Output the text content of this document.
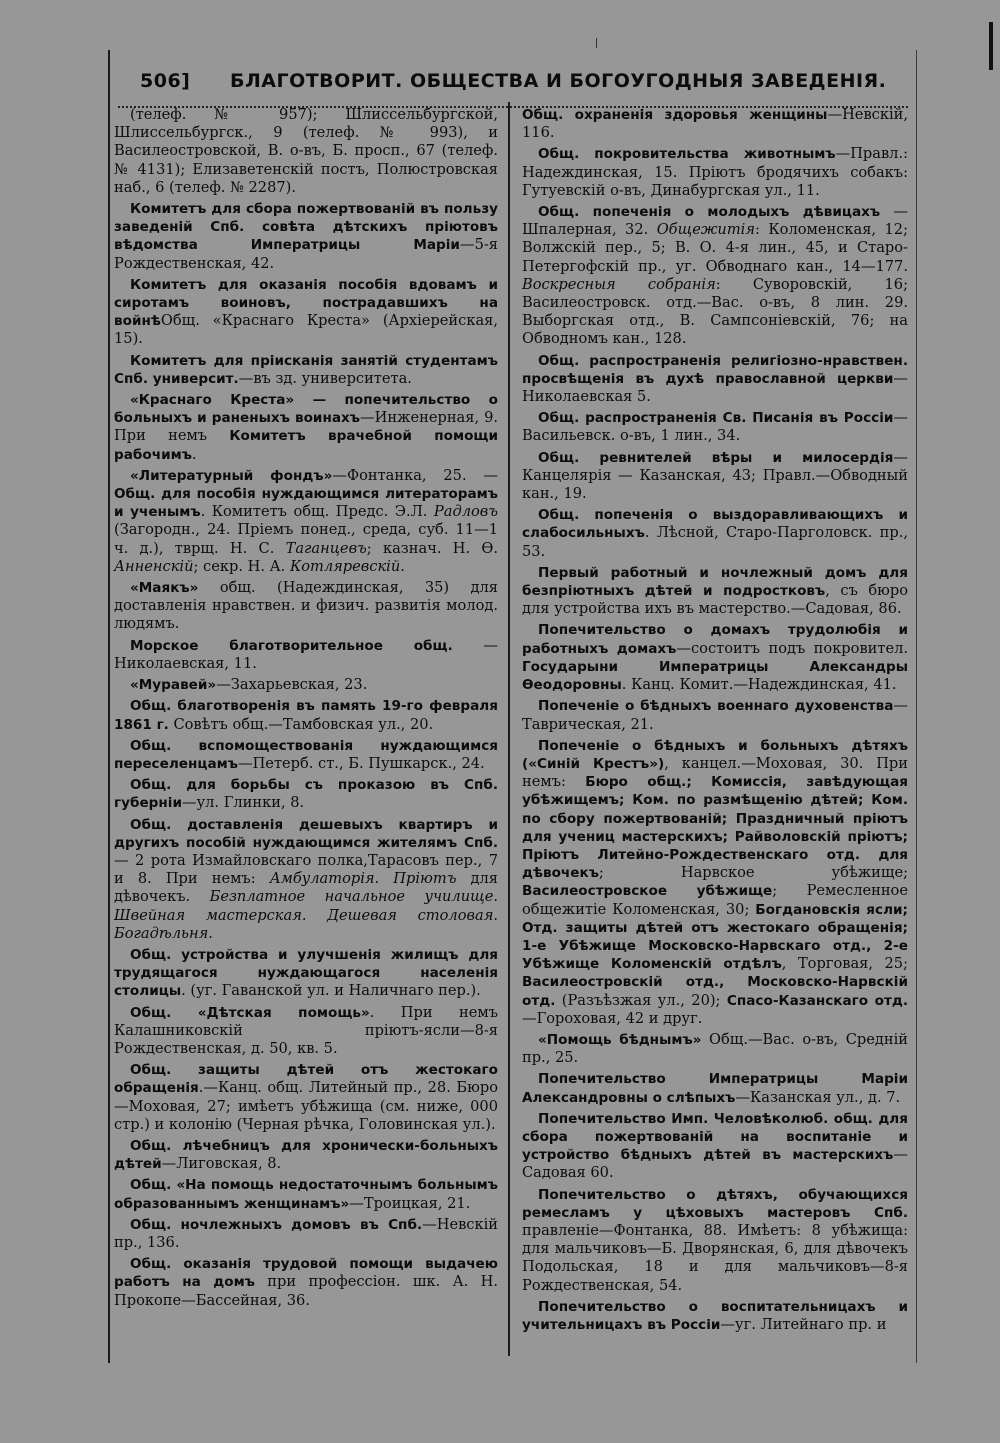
506] БЛАГОТВОРИТ. ОБЩЕСТВА И БОГОУГОДНЫЯ ЗАВЕДЕНІЯ.

(телеф. № 957); Шлиссельбургской, Шлиссельбургск., 9 (телеф. № 993), и Василеостровской, В. о-въ, Б. просп., 67 (телеф. № 4131); Елизаветенскій постъ, Полюстровская наб., 6 (телеф. № 2287).

Комитетъ для сбора пожертвованій въ пользу заведеній Спб. совѣта дѣтскихъ пріютовъ вѣдомства Императрицы Маріи—5-я Рождественская, 42.

Комитетъ для оказанія пособія вдовамъ и сиротамъ воиновъ, пострадавшихъ на войнѣОбщ. «Краснаго Креста» (Архіерейская, 15).

Комитетъ для пріисканія занятій студентамъ Спб. университ.—въ зд. университета.

«Краснаго Креста» — попечительство о больныхъ и раненыхъ воинахъ—Инженерная, 9. При немъ Комитетъ врачебной помощи рабочимъ.

«Литературный фондъ»—Фонтанка, 25. — Общ. для пособія нуждающимся литераторамъ и ученымъ. Комитетъ общ. Предс. Э.Л. Радловъ (Загородн., 24. Пріемъ понед., среда, суб. 11—1 ч. д.), тврщ. Н. С. Таганцевъ; казнач. Н. Ѳ. Анненскій; секр. Н. А. Котляревскій.

«Маякъ» общ. (Надеждинская, 35) для доставленія нравствен. и физич. развитія молод. людямъ.

Морское благотворительное общ. — Николаевская, 11.

«Муравей»—Захарьевская, 23.

Общ. благотворенія въ память 19-го февраля 1861 г. Совѣтъ общ.—Тамбовская ул., 20.

Общ. вспомоществованія нуждающимся переселенцамъ—Петерб. ст., Б. Пушкарск., 24.

Общ. для борьбы съ проказою въ Спб. губерніи—ул. Глинки, 8.

Общ. доставленія дешевыхъ квартиръ и другихъ пособій нуждающимся жителямъ Спб. — 2 рота Измайловскаго полка,Тарасовъ пер., 7 и 8. При немъ: Амбулаторія. Пріютъ для дѣвочекъ. Безплатное начальное училище. Швейная мастерская. Дешевая столовая. Богадѣльня.

Общ. устройства и улучшенія жилищъ для трудящагося нуждающагося населенія столицы. (уг. Гаванской ул. и Наличнаго пер.).

Общ. «Дѣтская помощь». При немъ Калашниковскій пріютъ-ясли—8-я Рождественская, д. 50, кв. 5.

Общ. защиты дѣтей отъ жестокаго обращенія.—Канц. общ. Литейный пр., 28. Бюро—Моховая, 27; имѣетъ убѣжища (см. ниже, 000 стр.) и колонію (Черная рѣчка, Головинская ул.).

Общ. лѣчебницъ для хронически-больныхъ дѣтей—Лиговская, 8.

Общ. «На помощь недостаточнымъ больнымъ образованнымъ женщинамъ»—Троицкая, 21.

Общ. ночлежныхъ домовъ въ Спб.—Невскій пр., 136.

Общ. оказанія трудовой помощи выдачею работъ на домъ при профессіон. шк. А. Н. Прокопе—Бассейная, 36.

Общ. охраненія здоровья женщины—Невскій, 116.

Общ. покровительства животнымъ—Правл.: Надеждинская, 15. Пріютъ бродячихъ собакъ: Гутуевскій о-въ, Динабургская ул., 11.

Общ. попеченія о молодыхъ дѣвицахъ — Шпалерная, 32. Общежитія: Коломенская, 12; Волжскій пер., 5; В. О. 4-я лин., 45, и Старо-Петергофскій пр., уг. Обводнаго кан., 14—177. Воскресныя собранія: Суворовскій, 16; Василеостровск. отд.—Вас. о-въ, 8 лин. 29. Выборгская отд., В. Сампсоніевскій, 76; на Обводномъ кан., 128.

Общ. распространенія религіозно-нравствен. просвѣщенія въ духѣ православной церкви—Николаевская 5.

Общ. распространенія Св. Писанія въ Россіи—Васильевск. о-въ, 1 лин., 34.

Общ. ревнителей вѣры и милосердія—Канцелярія — Казанская, 43; Правл.—Обводный кан., 19.

Общ. попеченія о выздоравливающихъ и слабосильныхъ. Лѣсной, Старо-Парголовск. пр., 53.

Первый работный и ночлежный домъ для безпріютныхъ дѣтей и подростковъ, съ бюро для устройства ихъ въ мастерство.—Садовая, 86.

Попечительство о домахъ трудолюбія и работныхъ домахъ—состоитъ подъ покровител. Государыни Императрицы Александры Ѳеодоровны. Канц. Комит.—Надеждинская, 41.

Попеченіе о бѣдныхъ военнаго духовенства—Таврическая, 21.

Попеченіе о бѣдныхъ и больныхъ дѣтяхъ («Синій Крестъ»), канцел.—Моховая, 30. При немъ: Бюро общ.; Комиссія, завѣдующая убѣжищемъ; Ком. по размѣщенію дѣтей; Ком. по сбору пожертвованій; Праздничный пріютъ для учениц мастерскихъ; Райволовскій пріютъ; Пріютъ Литейно-Рождественскаго отд. для дѣвочекъ; Нарвское убѣжище; Василеостровское убѣжище; Ремесленное общежитіе Коломенская, 30; Богдановскія ясли; Отд. защиты дѣтей отъ жестокаго обращенія; 1-е Убѣжище Московско-Нарвскаго отд., 2-е Убѣжище Коломенскій отдѣлъ, Торговая, 25; Василеостровскій отд., Московско-Нарвскій отд. (Разъѣзжая ул., 20); Спасо-Казанскаго отд.—Гороховая, 42 и друг.

«Помощь бѣднымъ» Общ.—Вас. о-въ, Средній пр., 25.

Попечительство Императрицы Маріи Александровны о слѣпыхъ—Казанская ул., д. 7.

Попечительство Имп. Человѣколюб. общ. для сбора пожертвованій на воспитаніе и устройство бѣдныхъ дѣтей въ мастерскихъ—Садовая 60.

Попечительство о дѣтяхъ, обучающихся ремесламъ у цѣховыхъ мастеровъ Спб. правленіе—Фонтанка, 88. Имѣетъ: 8 убѣжища: для мальчиковъ—Б. Дворянская, 6, для дѣвочекъ Подольская, 18 и для мальчиковъ—8-я Рождественская, 54.

Попечительство о воспитательницахъ и учительницахъ въ Россіи—уг. Литейнаго пр. и
